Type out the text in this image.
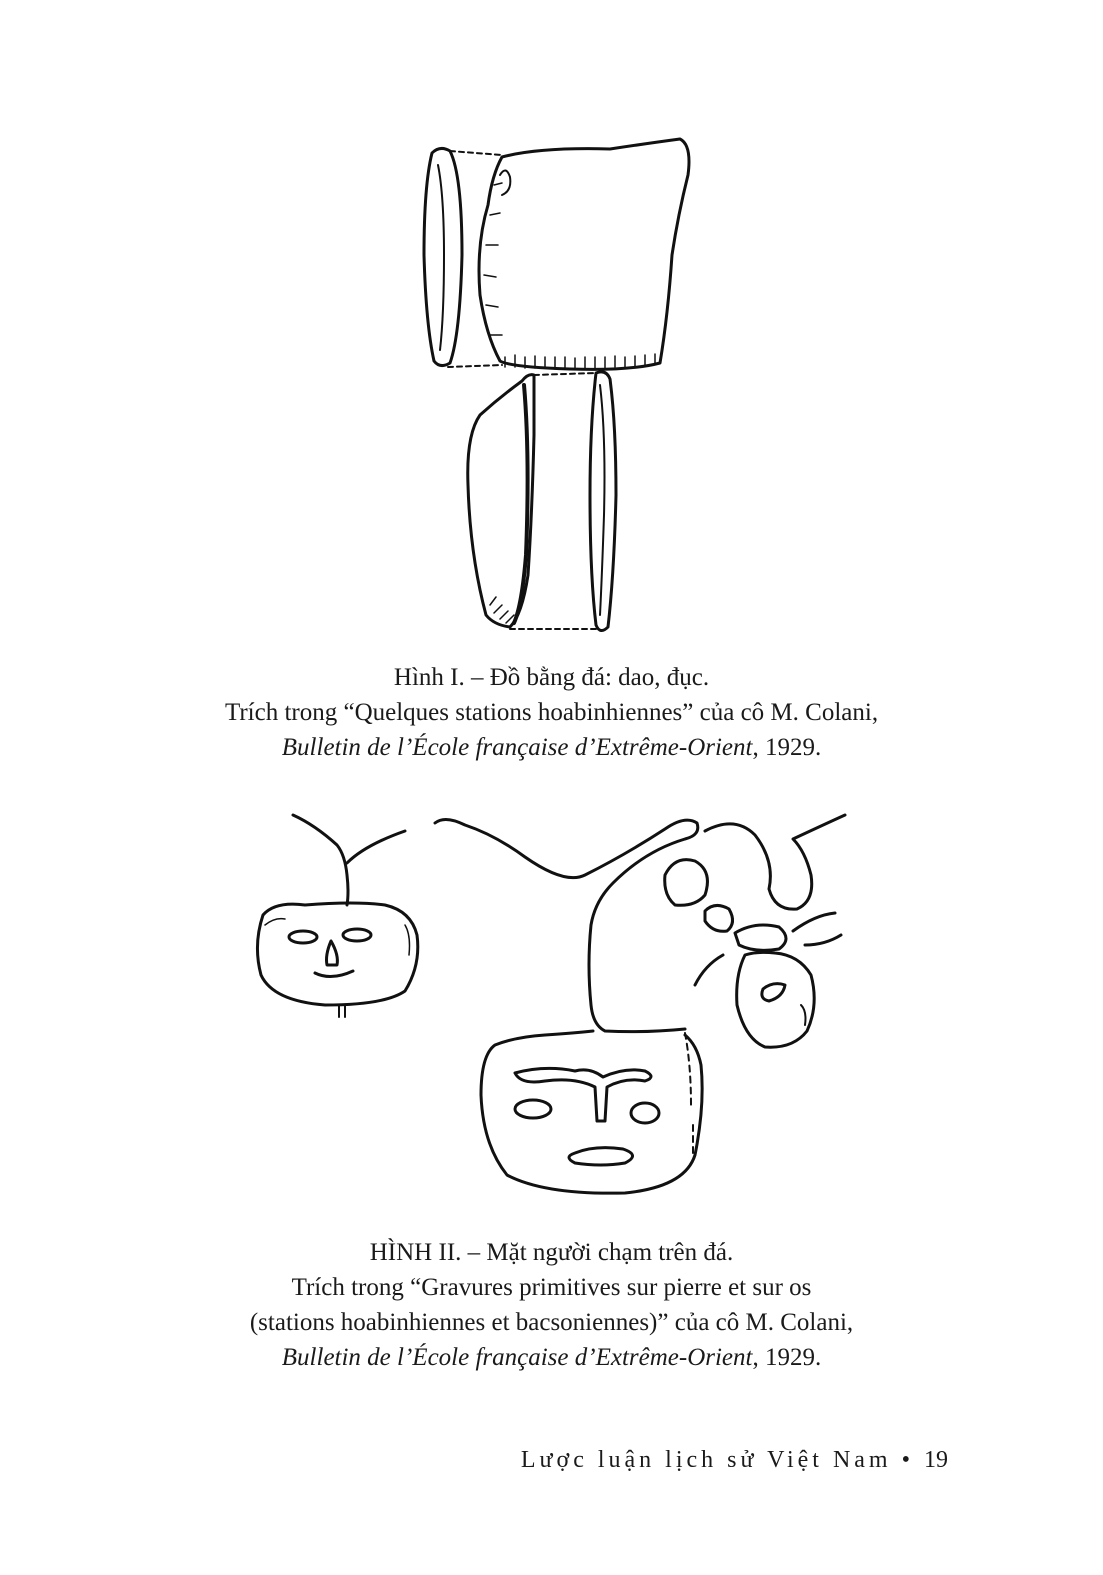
Hình I. – Đồ bằng đá: dao, đục.
Trích trong “Quelques stations hoabinhiennes” của cô M. Colani,
Bulletin de l’École française d’Extrême-Orient, 1929.
HÌNH II. – Mặt người chạm trên đá.
Trích trong “Gravures primitives sur pierre et sur os
(stations hoabinhiennes et bacsoniennes)” của cô M. Colani,
Bulletin de l’École française d’Extrême-Orient, 1929.
Lược luận lịch sử Việt Nam • 19
